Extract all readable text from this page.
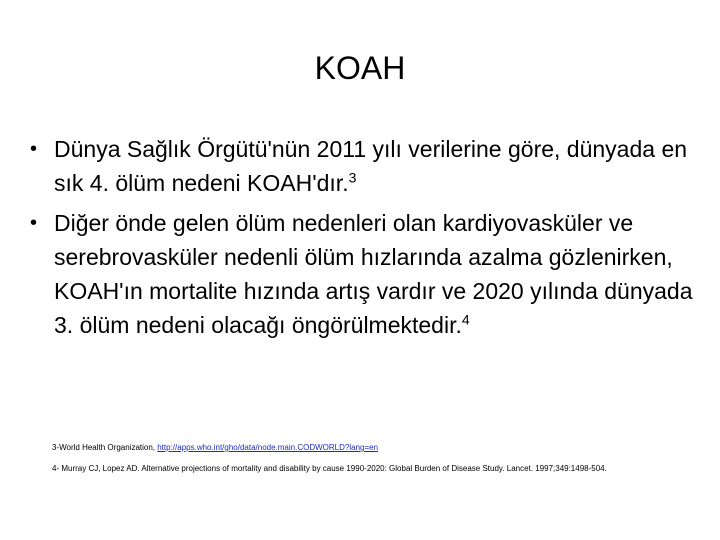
KOAH
• Dünya Sağlık Örgütü'nün 2011 yılı verilerine göre, dünyada en sık 4. ölüm nedeni KOAH'dır.$^3$
• Diğer önde gelen ölüm nedenleri olan kardiyovasküler ve serebrovasküler nedenli ölüm hızlarında azalma gözlenirken, KOAH'ın mortalite hızında artış vardır ve 2020 yılında dünyada 3. ölüm nedeni olacağı öngörülmektedir.$^4$
3-World Health Organization, http://apps.who.int/gho/data/node.main.CODWORLD?lang=en
4- Murray CJ, Lopez AD. Alternative projections of mortality and disability by cause 1990-2020: Global Burden of Disease Study. Lancet. 1997;349:1498-504.
